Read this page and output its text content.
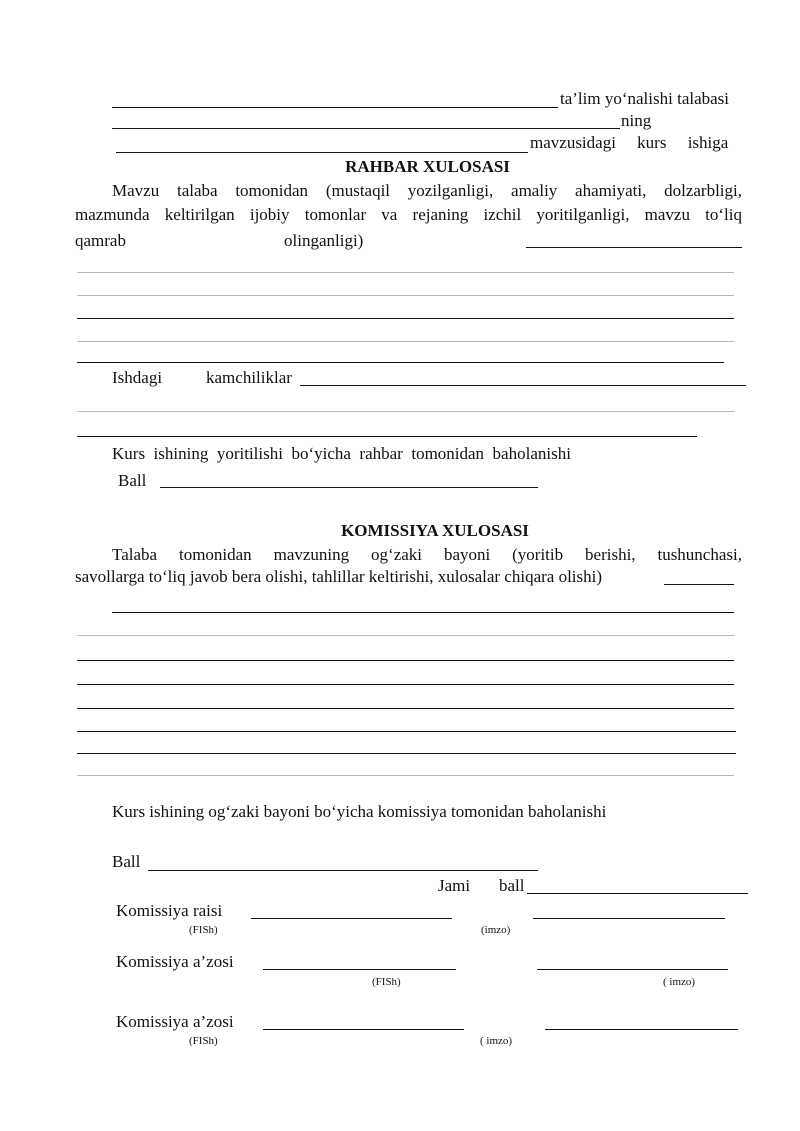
ta’lim yo‘nalishi talabasi
ning
mavzusidagi     kurs     ishiga
RAHBAR XULOSASI
Mavzu talaba tomonidan (mustaqil yozilganligi, amaliy ahamiyati, dolzarbligi,
mazmunda keltirilgan ijobiy tomonlar va rejaning izchil yoritilganligi, mavzu to‘liq
qamrab	olinganligi)
Ishdagi	kamchiliklar
Kurs  ishining  yoritilishi  bo‘yicha  rahbar  tomonidan  baholanishi
Ball
KOMISSIYA XULOSASI
Talaba tomonidan mavzuning og‘zaki bayoni (yoritib berishi, tushunchasi,
savollarga to‘liq javob bera olishi, tahlillar keltirishi, xulosalar chiqara olishi)
Kurs ishining og‘zaki bayoni bo‘yicha komissiya tomonidan baholanishi
Ball
Jami ball
Komissiya raisi
(FISh)	(imzo)
Komissiya a’zosi
(FISh)	( imzo)
Komissiya a’zosi
(FISh)	( imzo)
